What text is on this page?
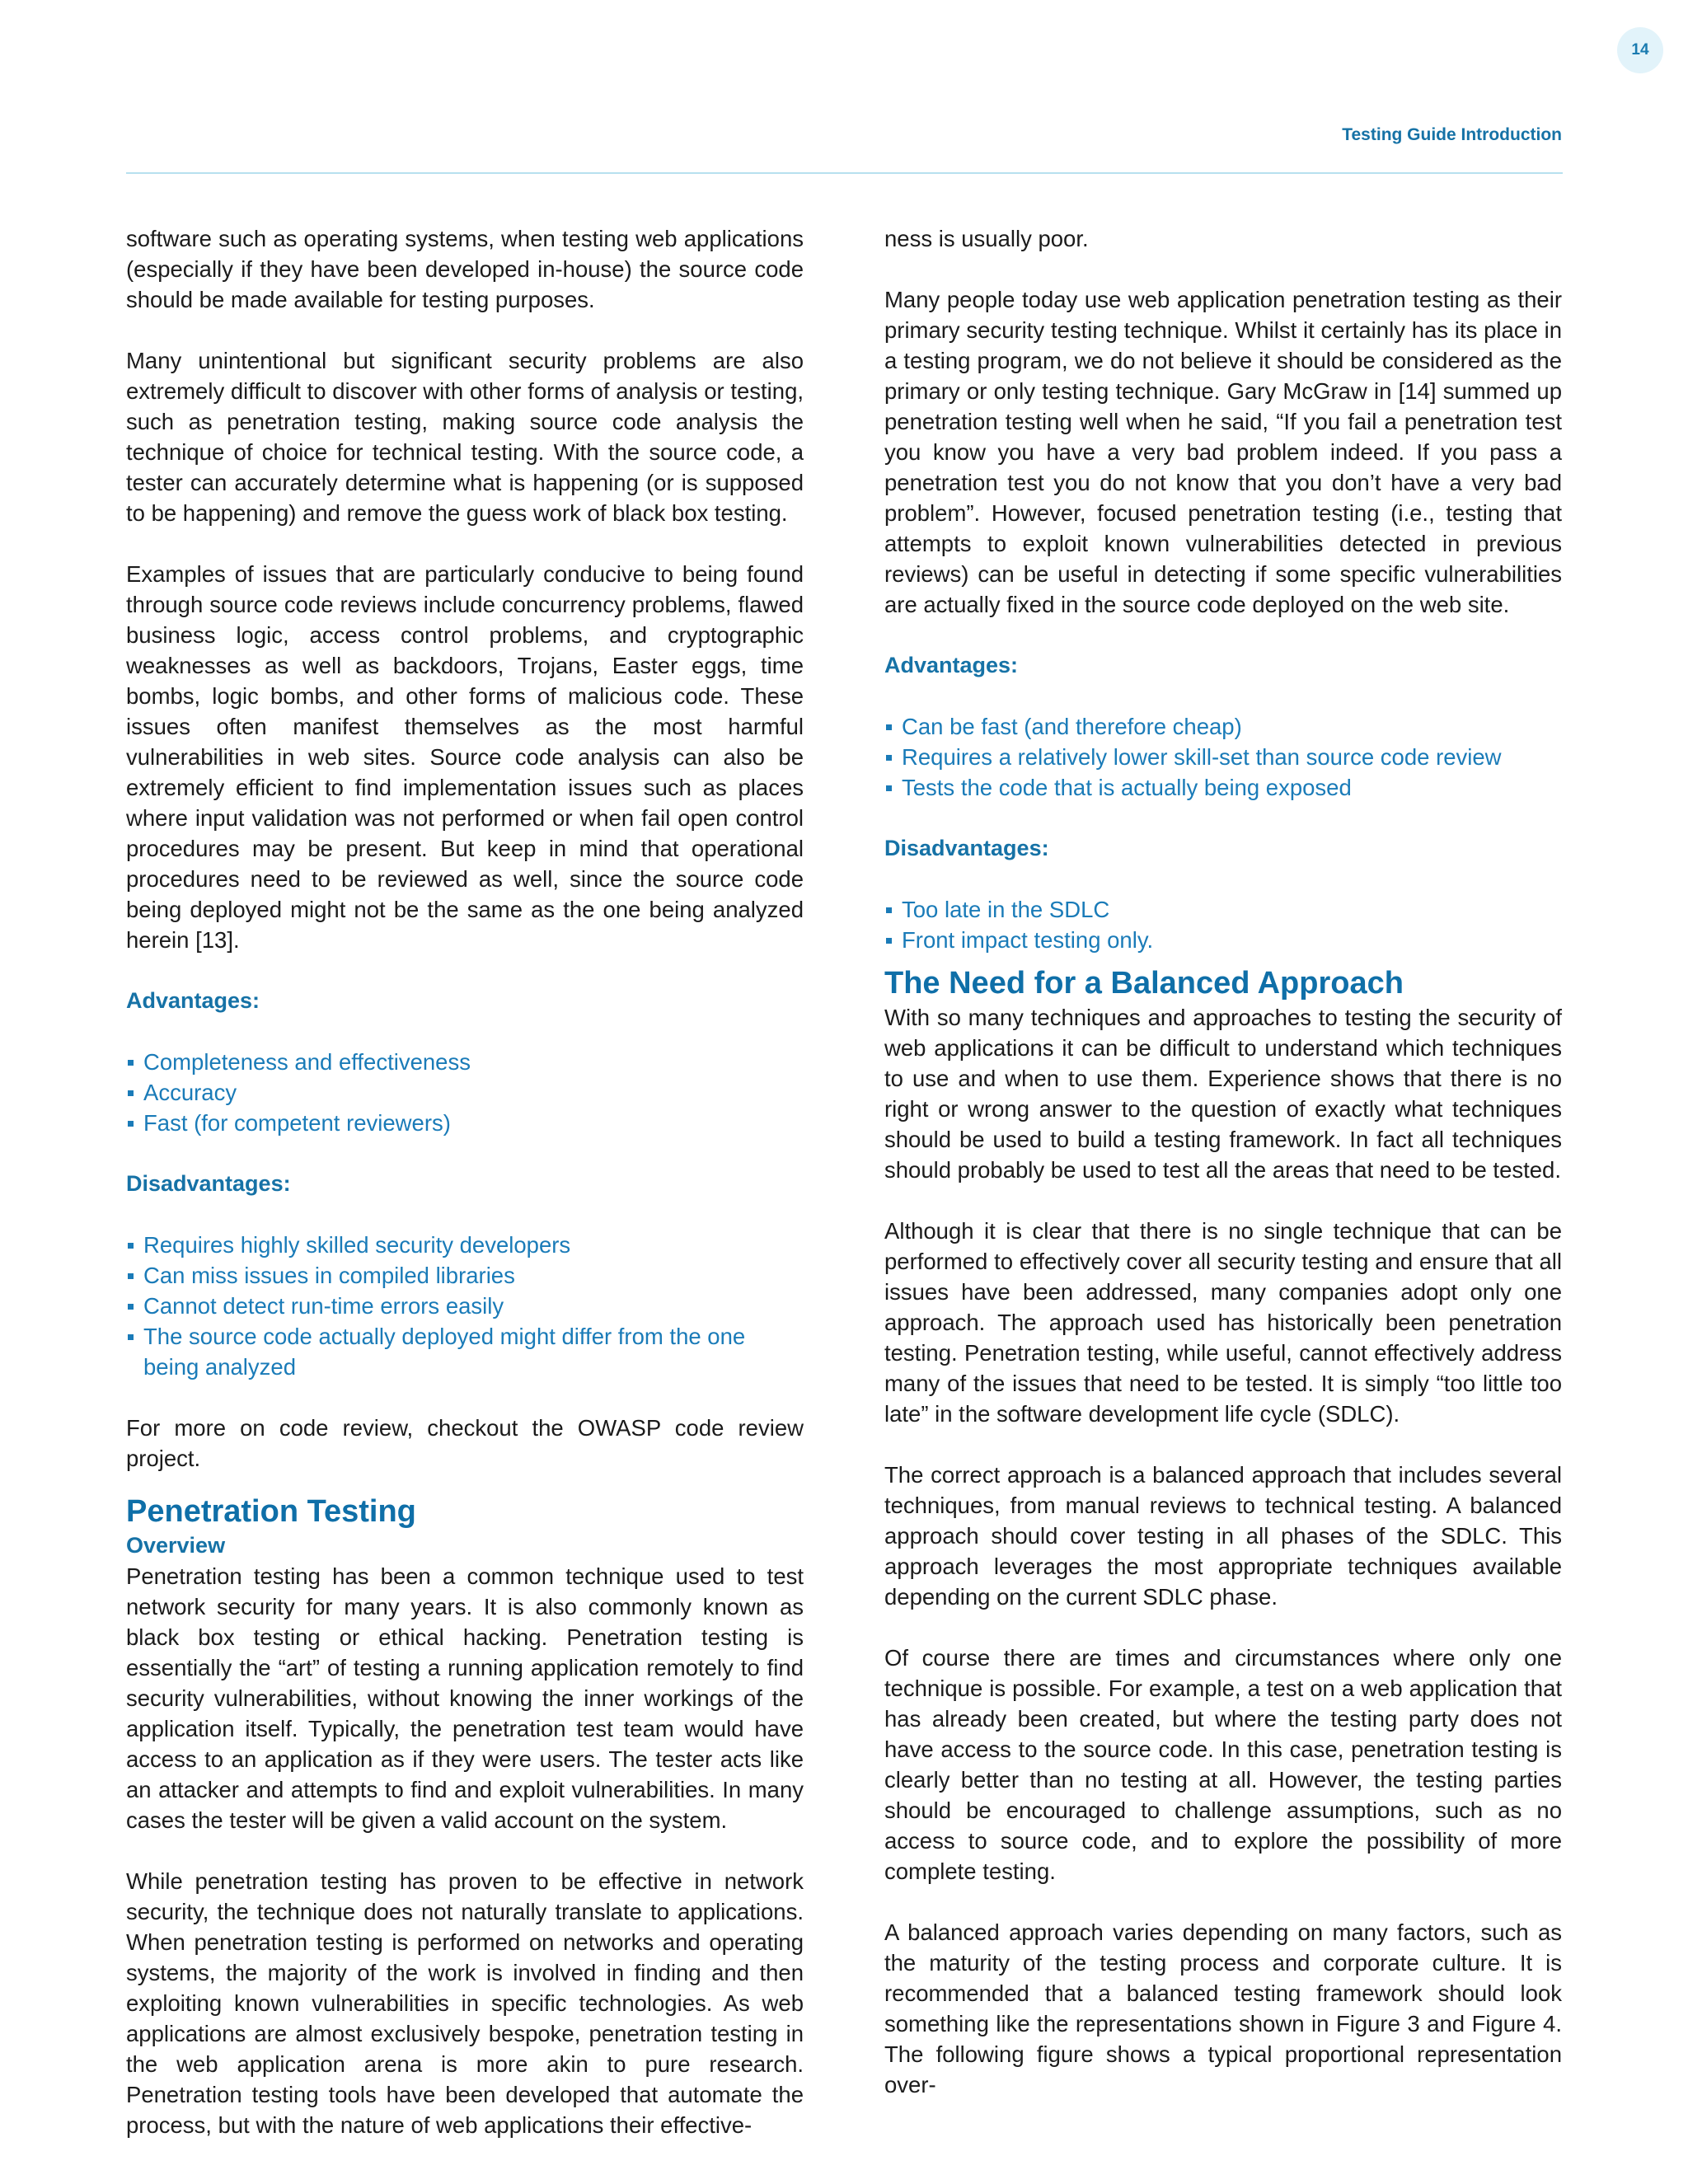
14
Testing Guide Introduction

software such as operating systems, when testing web applications (especially if they have been developed in-house) the source code should be made available for testing purposes.

Many unintentional but significant security problems are also extremely difficult to discover with other forms of analysis or testing, such as penetration testing, making source code analysis the technique of choice for technical testing. With the source code, a tester can accurately determine what is happening (or is supposed to be happening) and remove the guess work of black box testing.

Examples of issues that are particularly conducive to being found through source code reviews include concurrency problems, flawed business logic, access control problems, and cryptographic weaknesses as well as backdoors, Trojans, Easter eggs, time bombs, logic bombs, and other forms of malicious code. These issues often manifest themselves as the most harmful vulnerabilities in web sites. Source code analysis can also be extremely efficient to find implementation issues such as places where input validation was not performed or when fail open control procedures may be present. But keep in mind that operational procedures need to be reviewed as well, since the source code being deployed might not be the same as the one being analyzed herein [13].

Advantages:
Completeness and effectiveness
Accuracy
Fast (for competent reviewers)
Disadvantages:
Requires highly skilled security developers
Can miss issues in compiled libraries
Cannot detect run-time errors easily
The source code actually deployed might differ from the one being analyzed

For more on code review, checkout the OWASP code review project.

Penetration Testing
Overview

Penetration testing has been a common technique used to test network security for many years. It is also commonly known as black box testing or ethical hacking. Penetration testing is essentially the “art” of testing a running application remotely to find security vulnerabilities, without knowing the inner workings of the application itself. Typically, the penetration test team would have access to an application as if they were users. The tester acts like an attacker and attempts to find and exploit vulnerabilities. In many cases the tester will be given a valid account on the system.

While penetration testing has proven to be effective in network security, the technique does not naturally translate to applications. When penetration testing is performed on networks and operating systems, the majority of the work is involved in finding and then exploiting known vulnerabilities in specific technologies. As web applications are almost exclusively bespoke, penetration testing in the web application arena is more akin to pure research. Penetration testing tools have been developed that automate the process, but with the nature of web applications their effective-

ness is usually poor.

Many people today use web application penetration testing as their primary security testing technique. Whilst it certainly has its place in a testing program, we do not believe it should be considered as the primary or only testing technique. Gary McGraw in [14] summed up penetration testing well when he said, “If you fail a penetration test you know you have a very bad problem indeed. If you pass a penetration test you do not know that you don’t have a very bad problem”. However, focused penetration testing (i.e., testing that attempts to exploit known vulnerabilities detected in previous reviews) can be useful in detecting if some specific vulnerabilities are actually fixed in the source code deployed on the web site.

Advantages:
Can be fast (and therefore cheap)
Requires a relatively lower skill-set than source code review
Tests the code that is actually being exposed
Disadvantages:
Too late in the SDLC
Front impact testing only.
The Need for a Balanced Approach

With so many techniques and approaches to testing the security of web applications it can be difficult to understand which techniques to use and when to use them. Experience shows that there is no right or wrong answer to the question of exactly what techniques should be used to build a testing framework. In fact all techniques should probably be used to test all the areas that need to be tested.

Although it is clear that there is no single technique that can be performed to effectively cover all security testing and ensure that all issues have been addressed, many companies adopt only one approach. The approach used has historically been penetration testing. Penetration testing, while useful, cannot effectively address many of the issues that need to be tested. It is simply “too little too late” in the software development life cycle (SDLC).

The correct approach is a balanced approach that includes several techniques, from manual reviews to technical testing. A balanced approach should cover testing in all phases of the SDLC. This approach leverages the most appropriate techniques available depending on the current SDLC phase.

Of course there are times and circumstances where only one technique is possible. For example, a test on a web application that has already been created, but where the testing party does not have access to the source code. In this case, penetration testing is clearly better than no testing at all. However, the testing parties should be encouraged to challenge assumptions, such as no access to source code, and to explore the possibility of more complete testing.

A balanced approach varies depending on many factors, such as the maturity of the testing process and corporate culture. It is recommended that a balanced testing framework should look something like the representations shown in Figure 3 and Figure 4. The following figure shows a typical proportional representation over-
